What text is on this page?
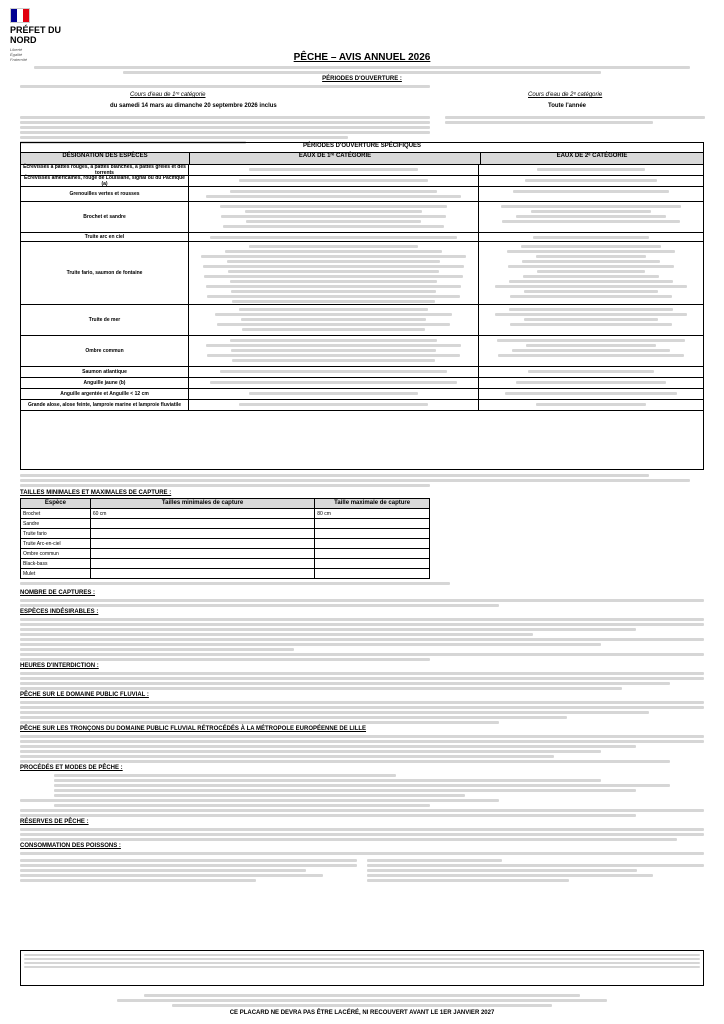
PRÉFET DU NORD
Liberté
Égalité
Fraternité	PÊCHE – AVIS ANNUEL 2026
PÉRIODES D'OUVERTURE :
Cours d'eau de 1ʳᵉ catégorie	Cours d'eau de 2ᵉ catégorie
du samedi 14 mars au dimanche 20 septembre 2026 inclus	Toute l'année
PÉRIODES D'OUVERTURE SPÉCIFIQUES
DÉSIGNATION DES ESPÈCES	EAUX DE 1ʳᵉ CATÉGORIE	EAUX DE 2ᵉ CATÉGORIE
Écrevisses à pattes rouges, à pattes blanches, à pattes grêles et des torrents
Écrevisses américaines, rouge de Louisiane, signal ou du Pacifique (a)
Grenouilles vertes et rousses
Brochet et sandre
Truite arc en ciel
Truite fario, saumon de fontaine
Truite de mer
Ombre commun
Saumon atlantique
Anguille jaune (b)
Anguille argentée et Anguille < 12 cm
Grande alose, alose feinte, lamproie marine et lamproie fluviatile
TAILLES MINIMALES ET MAXIMALES DE CAPTURE :
Espèce	Tailles minimales de capture	Taille maximale de capture
Brochet	60 cm	80 cm
Sandre		
Truite fario		
Truite Arc-en-ciel		
Ombre commun		
Black-bass		
Mulet		
NOMBRE DE CAPTURES :
ESPÈCES INDÉSIRABLES :
HEURES D'INTERDICTION :
PÊCHE SUR LE DOMAINE PUBLIC FLUVIAL :
PÊCHE SUR LES TRONÇONS DU DOMAINE PUBLIC FLUVIAL RÉTROCÉDÉS À LA MÉTROPOLE EUROPÉENNE DE LILLE
PROCÉDÉS ET MODES DE PÊCHE :
RÉSERVES DE PÊCHE :
CONSOMMATION DES POISSONS :
CE PLACARD NE DEVRA PAS ÊTRE LACÉRÉ, NI RECOUVERT AVANT LE 1ER JANVIER 2027
